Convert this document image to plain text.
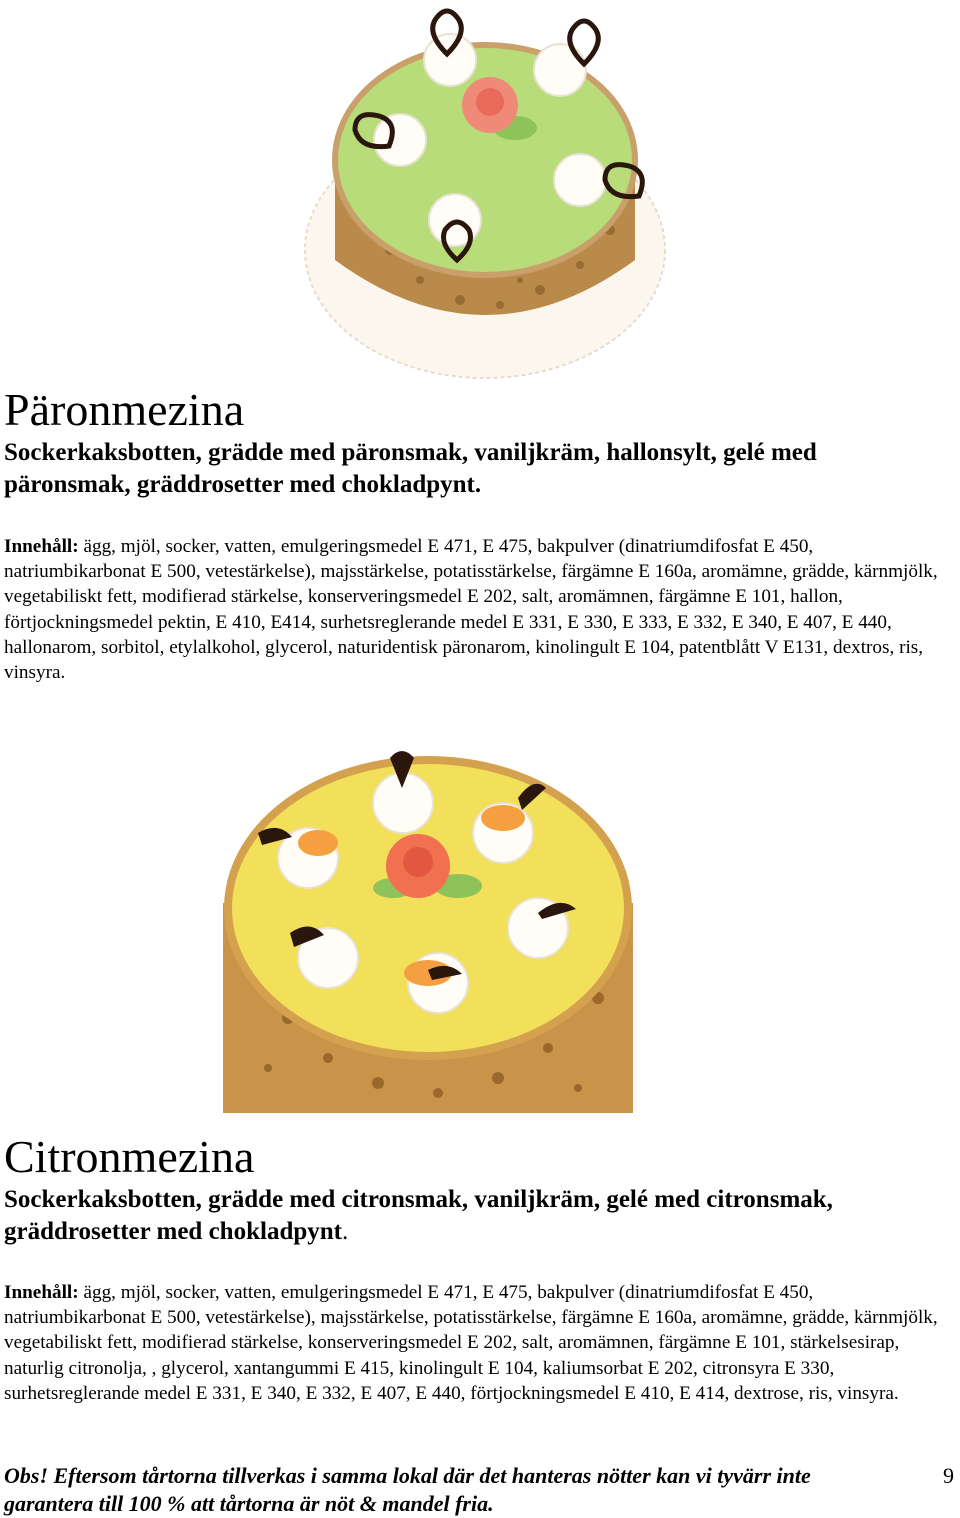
Päronmezina

Sockerkaksbotten, grädde med päronsmak, vaniljkräm, hallonsylt, gelé med päronsmak, gräddrosetter med chokladpynt.

Innehåll: ägg, mjöl, socker, vatten, emulgeringsmedel E 471, E 475, bakpulver (dinatriumdifosfat E 450, natriumbikarbonat E 500, vetestärkelse), majsstärkelse, potatisstärkelse, färgämne E 160a, aromämne, grädde, kärnmjölk, vegetabiliskt fett, modifierad stärkelse, konserveringsmedel E 202, salt, aromämnen, färgämne E 101, hallon, förtjockningsmedel pektin, E 410, E414, surhetsreglerande medel E 331, E 330, E 333, E 332, E 340, E 407, E 440, hallonarom, sorbitol, etylalkohol, glycerol, naturidentisk päronarom, kinolingult E 104, patentblått V E131, dextros, ris, vinsyra.

Citronmezina

Sockerkaksbotten, grädde med citronsmak, vaniljkräm, gelé med citronsmak, gräddrosetter med chokladpynt.

Innehåll: ägg, mjöl, socker, vatten, emulgeringsmedel E 471, E 475, bakpulver (dinatriumdifosfat E 450, natriumbikarbonat E 500, vetestärkelse), majsstärkelse, potatisstärkelse, färgämne E 160a, aromämne, grädde, kärnmjölk, vegetabiliskt fett, modifierad stärkelse, konserveringsmedel E 202, salt, aromämnen, färgämne E 101, stärkelsesirap, naturlig citronolja, , glycerol, xantangummi E 415, kinolingult E 104, kaliumsorbat E 202, citronsyra E 330, surhetsreglerande medel E 331, E 340, E 332, E 407, E 440, förtjockningsmedel E 410, E 414, dextrose, ris, vinsyra.

Obs! Eftersom tårtorna tillverkas i samma lokal där det hanteras nötter kan vi tyvärr inte garantera till 100 % att tårtorna är nöt & mandel fria.

9
